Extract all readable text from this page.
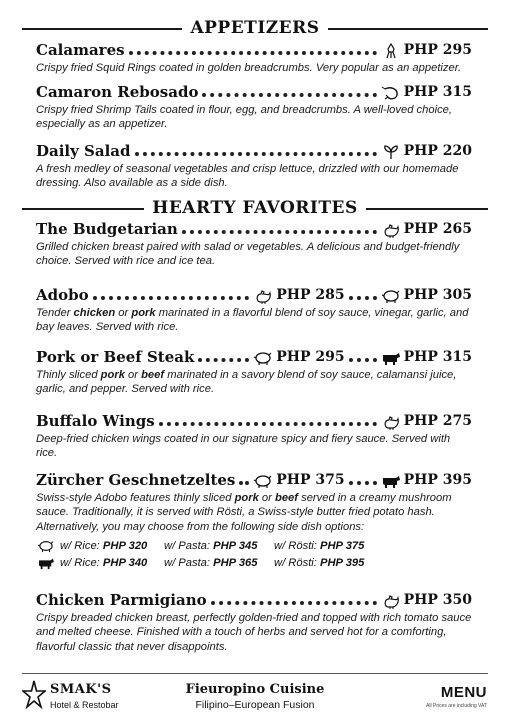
APPETIZERS
Calamares	PHP 295
Crispy fried Squid Rings coated in golden breadcrumbs. Very popular as an appetizer.
Camaron Rebosado	PHP 315
Crispy fried Shrimp Tails coated in flour, egg, and breadcrumbs. A well-loved choice, especially as an appetizer.
Daily Salad	PHP 220
A fresh medley of seasonal vegetables and crisp lettuce, drizzled with our homemade dressing. Also available as a side dish.
HEARTY FAVORITES
The Budgetarian	PHP 265
Grilled chicken breast paired with salad or vegetables. A delicious and budget-friendly choice. Served with rice and ice tea.
Adobo	PHP 285	PHP 305
Tender chicken or pork marinated in a flavorful blend of soy sauce, vinegar, garlic, and bay leaves. Served with rice.
Pork or Beef Steak	PHP 295	PHP 315
Thinly sliced pork or beef marinated in a savory blend of soy sauce, calamansi juice, garlic, and pepper. Served with rice.
Buffalo Wings	PHP 275
Deep-fried chicken wings coated in our signature spicy and fiery sauce. Served with rice.
Zürcher Geschnetzeltes	PHP 375	PHP 395
Swiss-style Adobo features thinly sliced pork or beef served in a creamy mushroom sauce. Traditionally, it is served with Rösti, a Swiss-style butter fried potato hash. Alternatively, you may choose from the following side dish options:
w/ Rice: PHP 320	w/ Pasta: PHP 345	w/ Rösti: PHP 375
w/ Rice: PHP 340	w/ Pasta: PHP 365	w/ Rösti: PHP 395
Chicken Parmigiano	PHP 350
Crispy breaded chicken breast, perfectly golden-fried and topped with rich tomato sauce and melted cheese. Finished with a touch of herbs and served hot for a comforting, flavorful classic that never disappoints.
SMAK'S
Hotel & Restobar
Fieuropino Cuisine
Filipino–European Fusion
MENU
All Prices are including VAT
